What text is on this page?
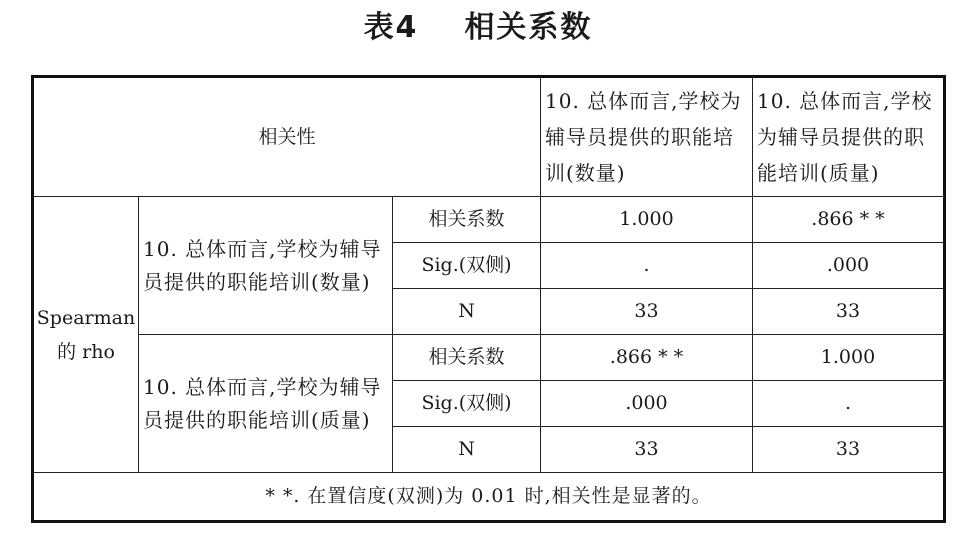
表4 相关系数
相关性			10. 总体而言,学校为辅导员提供的职能培训(数量)	10. 总体而言,学校为辅导员提供的职能培训(质量)
Spearman
的 rho	10. 总体而言,学校为辅导员提供的职能培训(数量)	相关系数	1.000	.866 * *
		Sig.(双侧)	.	.000
		N	33	33
	10. 总体而言,学校为辅导员提供的职能培训(质量)	相关系数	.866 * *	1.000
		Sig.(双侧)	.000	.
		N	33	33
* *. 在置信度(双测)为 0.01 时,相关性是显著的。				
